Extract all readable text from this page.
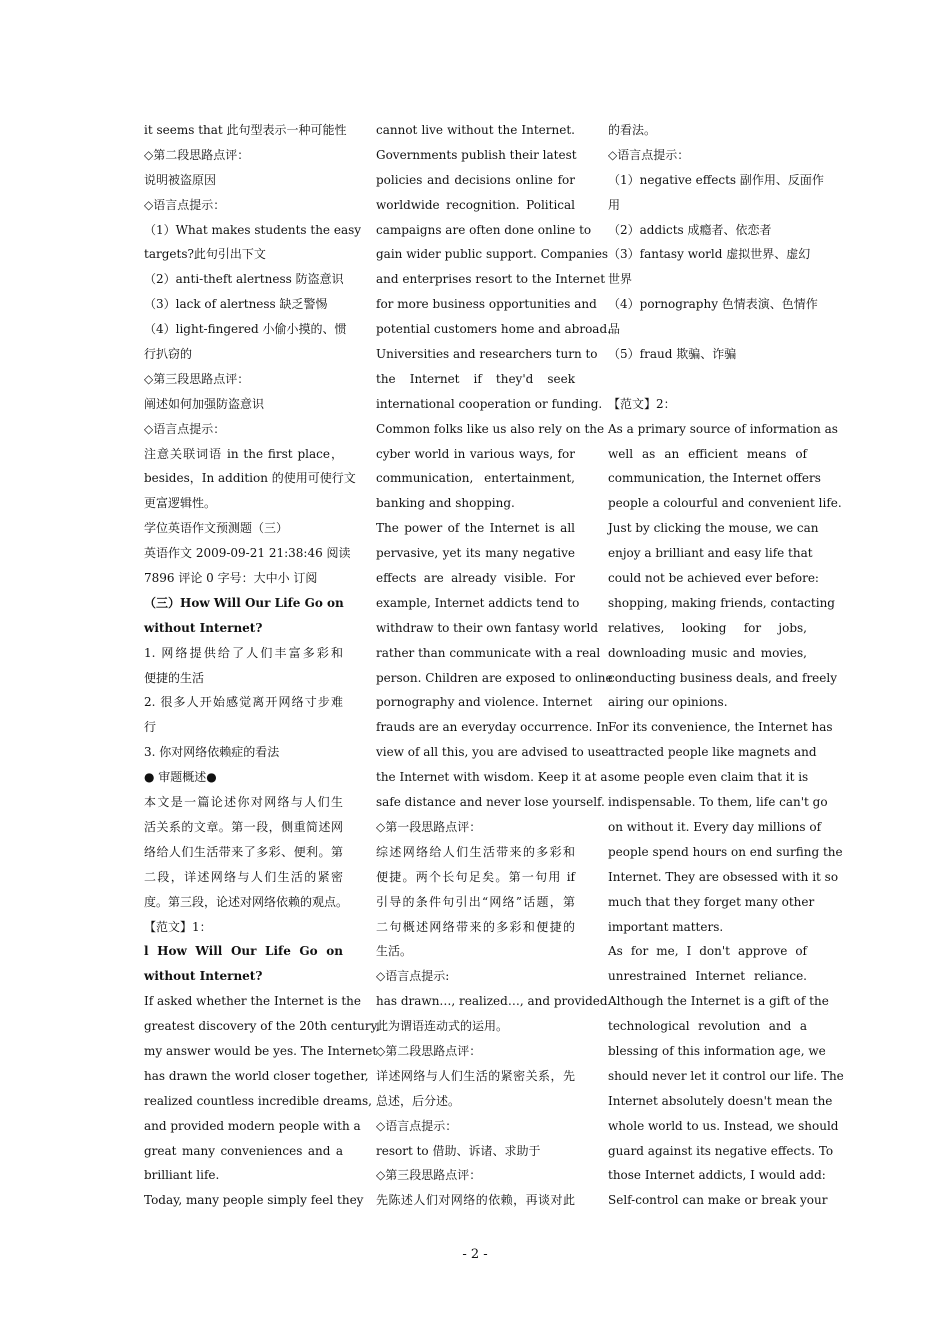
it seems that 此句型表示一种可能性
◇第二段思路点评：
说明被盗原因
◇语言点提示：
（1）What makes students the easy
targets?此句引出下文
（2）anti-theft alertness 防盗意识
（3）lack of alertness 缺乏警惕
（4）light-fingered 小偷小摸的、惯
行扒窃的
◇第三段思路点评：
阐述如何加强防盗意识
◇语言点提示：
注意关联词语 in the first place，
besides，In addition 的使用可使行文
更富逻辑性。
学位英语作文预测题（三）
英语作文 2009-09-21 21:38:46 阅读
7896 评论 0 字号：大中小 订阅
（三）How Will Our Life Go on
without Internet?
1. 网络提供给了人们丰富多彩和
便捷的生活
2. 很多人开始感觉离开网络寸步难
行
3. 你对网络依赖症的看法
● 审题概述●
本文是一篇论述你对网络与人们生
活关系的文章。第一段，侧重简述网
络给人们生活带来了多彩、便利。第
二段，详述网络与人们生活的紧密
度。第三段，论述对网络依赖的观点。
【范文】1：
l How Will Our Life Go on
without Internet?
If asked whether the Internet is the
greatest discovery of the 20th century,
my answer would be yes. The Internet
has drawn the world closer together,
realized countless incredible dreams,
and provided modern people with a
great many conveniences and a
brilliant life.
Today, many people simply feel they
cannot live without the Internet.
Governments publish their latest
policies and decisions online for
worldwide recognition. Political
campaigns are often done online to
gain wider public support. Companies
and enterprises resort to the Internet
for more business opportunities and
potential customers home and abroad.
Universities and researchers turn to
the Internet if they'd seek
international cooperation or funding.
Common folks like us also rely on the
cyber world in various ways, for
communication, entertainment,
banking and shopping.
The power of the Internet is all
pervasive, yet its many negative
effects are already visible. For
example, Internet addicts tend to
withdraw to their own fantasy world
rather than communicate with a real
person. Children are exposed to online
pornography and violence. Internet
frauds are an everyday occurrence. In
view of all this, you are advised to use
the Internet with wisdom. Keep it at a
safe distance and never lose yourself.
◇第一段思路点评：
综述网络给人们生活带来的多彩和
便捷。两个长句足矣。第一句用 if
引导的条件句引出“网络”话题，第
二句概述网络带来的多彩和便捷的
生活。
◇语言点提示:
has drawn…, realized…, and provided
此为谓语连动式的运用。
◇第二段思路点评：
详述网络与人们生活的紧密关系，先
总述，后分述。
◇语言点提示：
resort to 借助、诉诸、求助于
◇第三段思路点评：
先陈述人们对网络的依赖，再谈对此
的看法。
◇语言点提示：
（1）negative effects 副作用、反面作
用
（2）addicts 成瘾者、依恋者
（3）fantasy world 虚拟世界、虚幻
世界
（4）pornography 色情表演、色情作
品
（5）fraud 欺骗、诈骗
【范文】2：
As a primary source of information as
well as an efficient means of
communication, the Internet offers
people a colourful and convenient life.
Just by clicking the mouse, we can
enjoy a brilliant and easy life that
could not be achieved ever before:
shopping, making friends, contacting
relatives, looking for jobs,
downloading music and movies,
conducting business deals, and freely
airing our opinions.
For its convenience, the Internet has
attracted people like magnets and
some people even claim that it is
indispensable. To them, life can't go
on without it. Every day millions of
people spend hours on end surfing the
Internet. They are obsessed with it so
much that they forget many other
important matters.
As for me, I don't approve of
unrestrained Internet reliance.
Although the Internet is a gift of the
technological revolution and a
blessing of this information age, we
should never let it control our life. The
Internet absolutely doesn't mean the
whole world to us. Instead, we should
guard against its negative effects. To
those Internet addicts, I would add:
Self-control can make or break your
- 2 -
